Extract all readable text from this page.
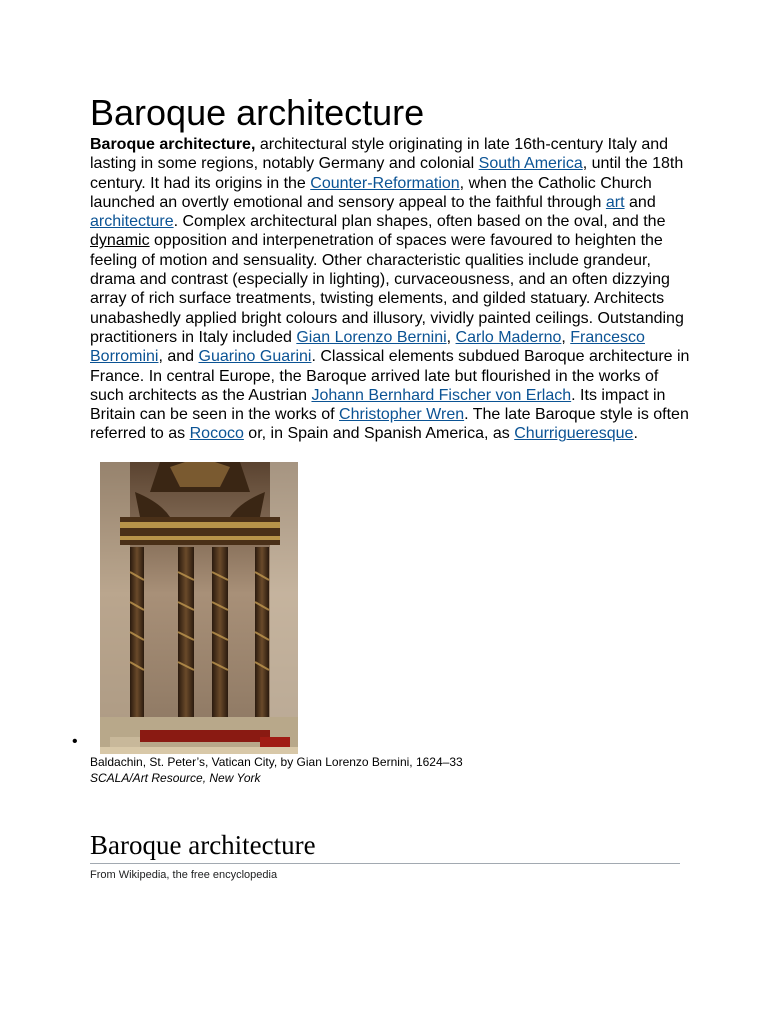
Baroque architecture

Baroque architecture, architectural style originating in late 16th-century Italy and lasting in some regions, notably Germany and colonial South America, until the 18th century. It had its origins in the Counter-Reformation, when the Catholic Church launched an overtly emotional and sensory appeal to the faithful through art and architecture. Complex architectural plan shapes, often based on the oval, and the dynamic opposition and interpenetration of spaces were favoured to heighten the feeling of motion and sensuality. Other characteristic qualities include grandeur, drama and contrast (especially in lighting), curvaceousness, and an often dizzying array of rich surface treatments, twisting elements, and gilded statuary. Architects unabashedly applied bright colours and illusory, vividly painted ceilings. Outstanding practitioners in Italy included Gian Lorenzo Bernini, Carlo Maderno, Francesco Borromini, and Guarino Guarini. Classical elements subdued Baroque architecture in France. In central Europe, the Baroque arrived late but flourished in the works of such architects as the Austrian Johann Bernhard Fischer von Erlach. Its impact in Britain can be seen in the works of Christopher Wren. The late Baroque style is often referred to as Rococo or, in Spain and Spanish America, as Churrigueresque.

•
Baldachin, St. Peter’s, Vatican City, by Gian Lorenzo Bernini, 1624–33
SCALA/Art Resource, New York
Baroque architecture
From Wikipedia, the free encyclopedia
